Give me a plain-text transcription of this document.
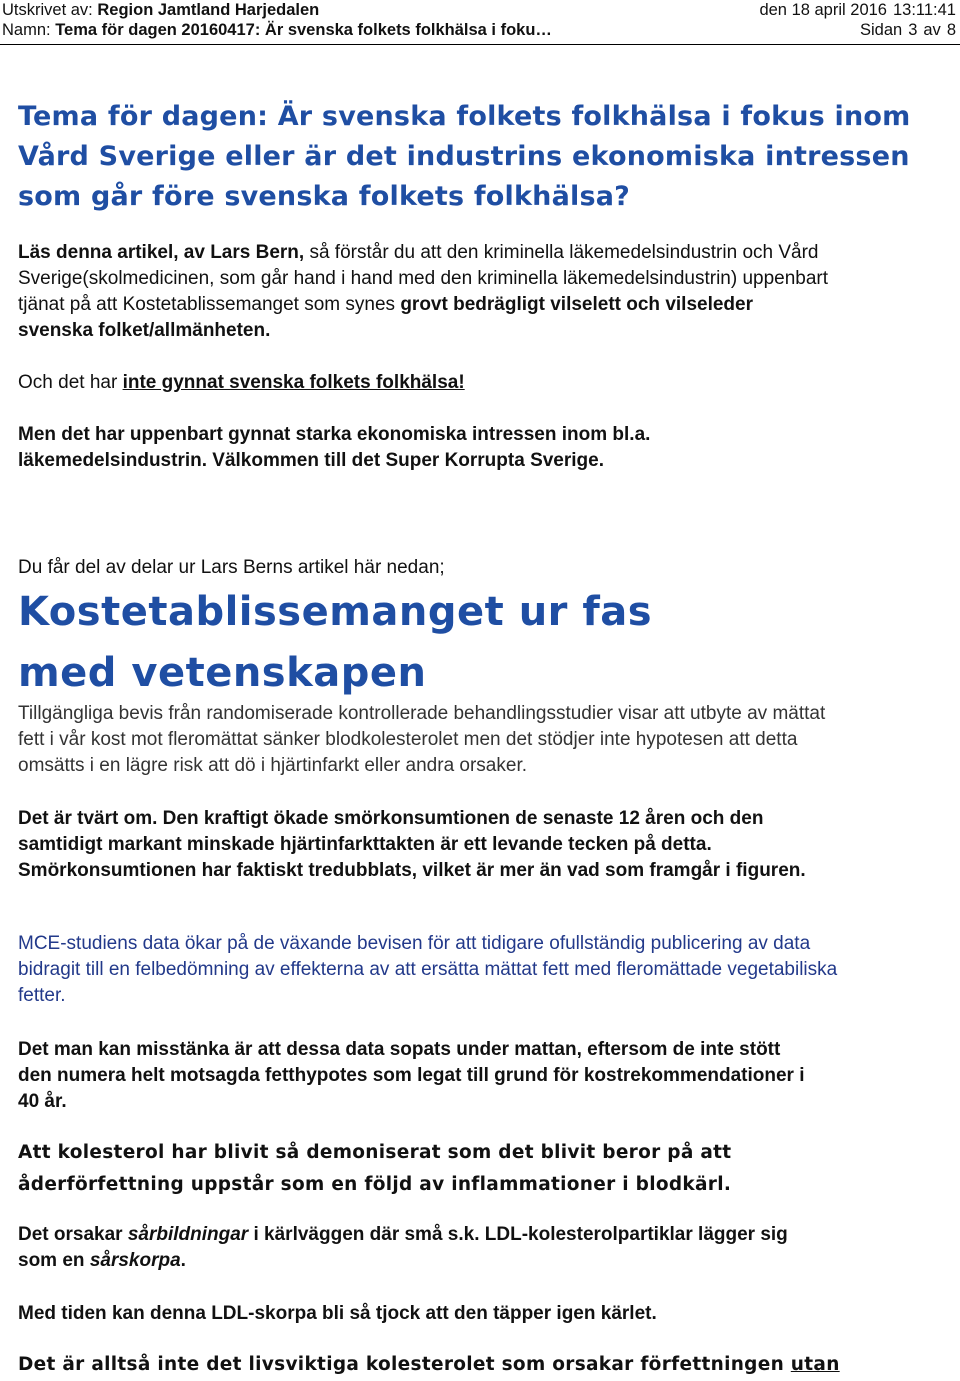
Utskrivet av: Region Jamtland Harjedalen	den 18 april 2016 13:11:41
Namn: Tema för dagen 20160417: Är svenska folkets folkhälsa i foku…	Sidan 3 av 8
Tema för dagen: Är svenska folkets folkhälsa i fokus inom
Vård Sverige eller är det industrins ekonomiska intressen
som går före svenska folkets folkhälsa?
Läs denna artikel, av Lars Bern, så förstår du att den kriminella läkemedelsindustrin och Vård
Sverige(skolmedicinen, som går hand i hand med den kriminella läkemedelsindustrin) uppenbart
tjänat på att Kostetablissemanget som synes grovt bedrägligt vilselett och vilseleder
svenska folket/allmänheten.
Och det har inte gynnat svenska folkets folkhälsa!
Men det har uppenbart gynnat starka ekonomiska intressen inom bl.a.
läkemedelsindustrin. Välkommen till det Super Korrupta Sverige.
Du får del av delar ur Lars Berns artikel här nedan;
Kostetablissemanget ur fas
med vetenskapen
Tillgängliga bevis från randomiserade kontrollerade behandlingsstudier visar att utbyte av mättat
fett i vår kost mot fleromättat sänker blodkolesterolet men det stödjer inte hypotesen att detta
omsätts i en lägre risk att dö i hjärtinfarkt eller andra orsaker.
Det är tvärt om. Den kraftigt ökade smörkonsumtionen de senaste 12 åren och den
samtidigt markant minskade hjärtinfarkttakten är ett levande tecken på detta.
Smörkonsumtionen har faktiskt tredubblats, vilket är mer än vad som framgår i figuren.
MCE-studiens data ökar på de växande bevisen för att tidigare ofullständig publicering av data
bidragit till en felbedömning av effekterna av att ersätta mättat fett med fleromättade vegetabiliska
fetter.
Det man kan misstänka är att dessa data sopats under mattan, eftersom de inte stött
den numera helt motsagda fetthypotes som legat till grund för kostrekommendationer i
40 år.
Att kolesterol har blivit så demoniserat som det blivit beror på att
åderförfettning uppstår som en följd av inflammationer i blodkärl.
Det orsakar sårbildningar i kärlväggen där små s.k. LDL-kolesterolpartiklar lägger sig
som en sårskorpa.
Med tiden kan denna LDL-skorpa bli så tjock att den täpper igen kärlet.
Det är alltså inte det livsviktiga kolesterolet som orsakar förfettningen utan
